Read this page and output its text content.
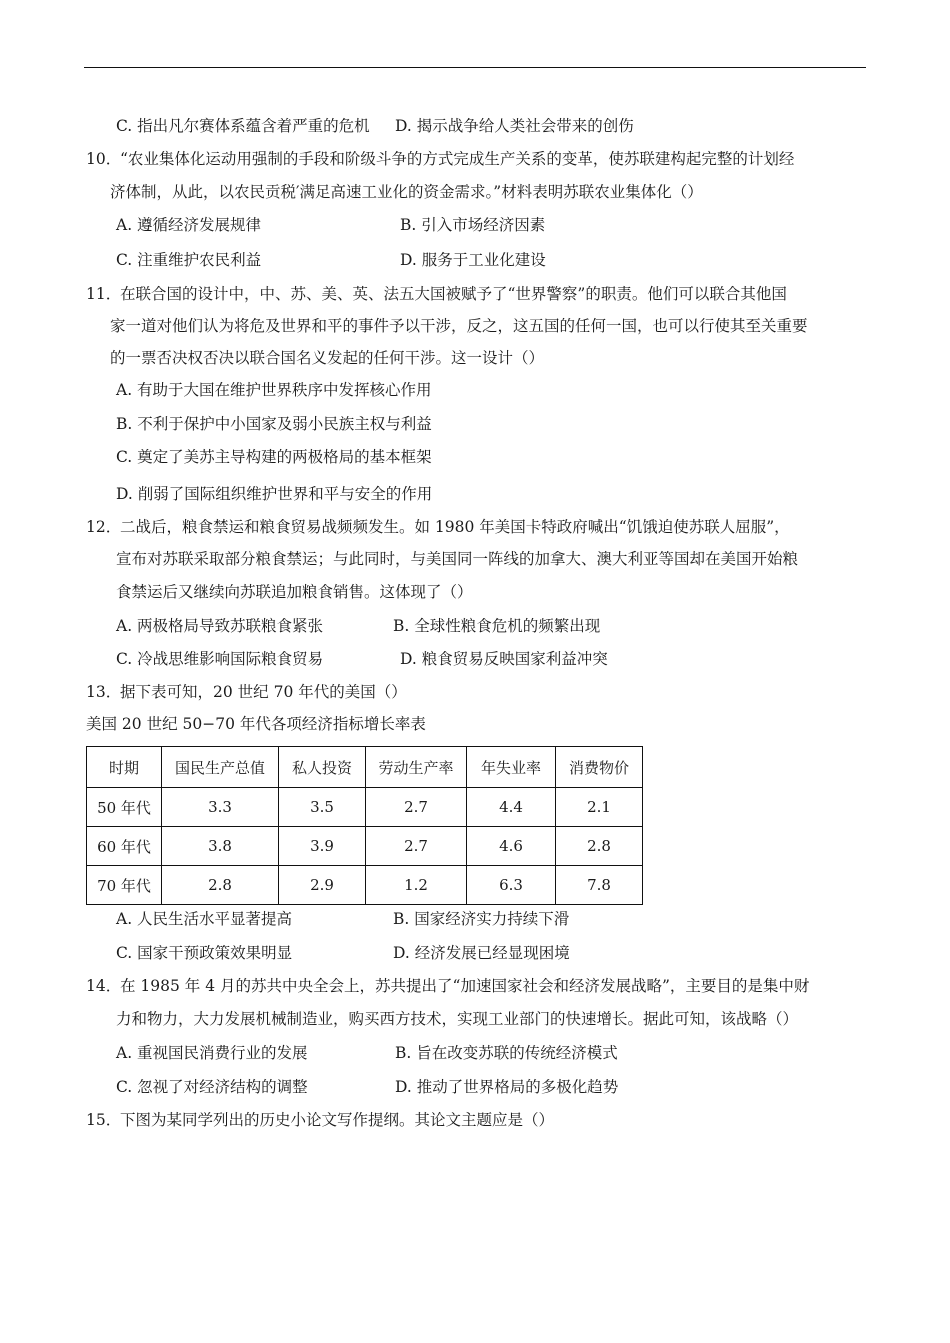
C. 指出凡尔赛体系蕴含着严重的危机 D. 揭示战争给人类社会带来的创伤
10．
“农业集体化运动用强制的手段和阶级斗争的方式完成生产关系的变革，使苏联建构起完整的计划经
济体制，从此，以农民贡税′满足高速工业化的资金需求。”材料表明苏联农业集体化（）
A. 遵循经济发展规律	B. 引入市场经济因素
C. 注重维护农民利益	D. 服务于工业化建设
11．
在联合国的设计中，中、苏、美、英、法五大国被赋予了“世界警察”的职责。他们可以联合其他国
家一道对他们认为将危及世界和平的事件予以干涉，反之，这五国的任何一国，也可以行使其至关重要
的一票否决权否决以联合国名义发起的任何干涉。这一设计（）
A. 有助于大国在维护世界秩序中发挥核心作用
B. 不利于保护中小国家及弱小民族主权与利益
C. 奠定了美苏主导构建的两极格局的基本框架
D. 削弱了国际组织维护世界和平与安全的作用
12．
二战后，粮食禁运和粮食贸易战频频发生。如 1980 年美国卡特政府喊出“饥饿迫使苏联人屈服”，
宣布对苏联采取部分粮食禁运；与此同时，与美国同一阵线的加拿大、澳大利亚等国却在美国开始粮
食禁运后又继续向苏联追加粮食销售。这体现了（）
A. 两极格局导致苏联粮食紧张	B. 全球性粮食危机的频繁出现
C. 冷战思维影响国际粮食贸易	D. 粮食贸易反映国家利益冲突
13．
据下表可知，20 世纪 70 年代的美国（）
美国 20 世纪 50−70 年代各项经济指标增长率表
时期	国民生产总值	私人投资	劳动生产率	年失业率	消费物价
50 年代	3.3	3.5	2.7	4.4	2.1
60 年代	3.8	3.9	2.7	4.6	2.8
70 年代	2.8	2.9	1.2	6.3	7.8
A. 人民生活水平显著提高	B. 国家经济实力持续下滑
C. 国家干预政策效果明显	D. 经济发展已经显现困境
14．
在 1985 年 4 月的苏共中央全会上，苏共提出了“加速国家社会和经济发展战略”，主要目的是集中财
力和物力，大力发展机械制造业，购买西方技术，实现工业部门的快速增长。据此可知，该战略（）
A. 重视国民消费行业的发展	B. 旨在改变苏联的传统经济模式
C. 忽视了对经济结构的调整	D. 推动了世界格局的多极化趋势
15．
下图为某同学列出的历史小论文写作提纲。其论文主题应是（）
